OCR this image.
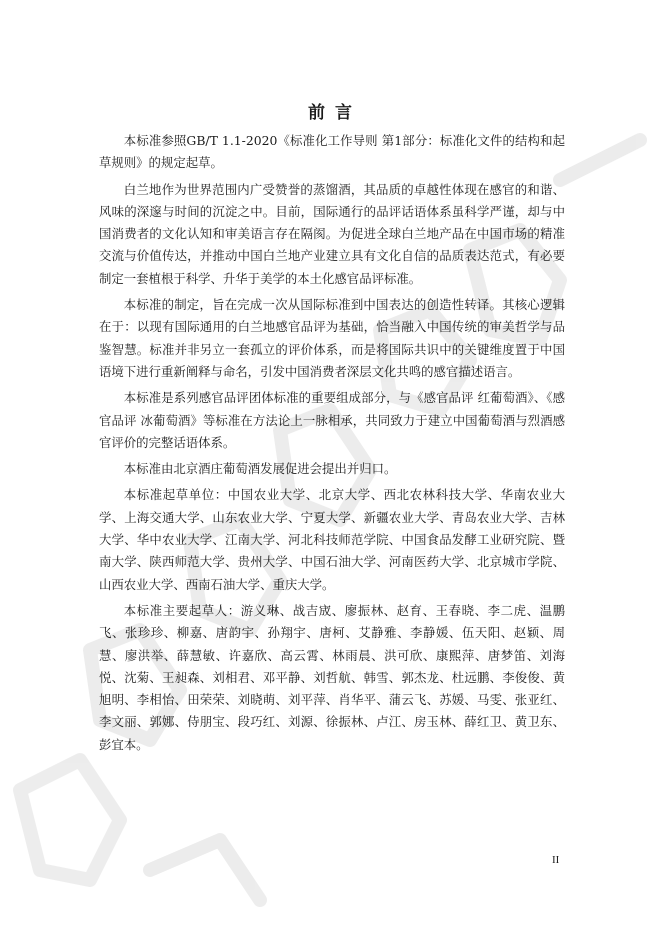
前 言

本标准参照GB/T 1.1-2020《标准化工作导则 第1部分：标准化文件的结构和起草规则》的规定起草。

白兰地作为世界范围内广受赞誉的蒸馏酒，其品质的卓越性体现在感官的和谐、风味的深邃与时间的沉淀之中。目前，国际通行的品评话语体系虽科学严谨，却与中国消费者的文化认知和审美语言存在隔阂。为促进全球白兰地产品在中国市场的精准交流与价值传达，并推动中国白兰地产业建立具有文化自信的品质表达范式，有必要制定一套植根于科学、升华于美学的本土化感官品评标准。

本标准的制定，旨在完成一次从国际标准到中国表达的创造性转译。其核心逻辑在于：以现有国际通用的白兰地感官品评为基础，恰当融入中国传统的审美哲学与品鉴智慧。标准并非另立一套孤立的评价体系，而是将国际共识中的关键维度置于中国语境下进行重新阐释与命名，引发中国消费者深层文化共鸣的感官描述语言。

本标准是系列感官品评团体标准的重要组成部分，与《感官品评 红葡萄酒》、《感官品评 冰葡萄酒》等标准在方法论上一脉相承，共同致力于建立中国葡萄酒与烈酒感官评价的完整话语体系。

本标准由北京酒庄葡萄酒发展促进会提出并归口。

本标准起草单位：中国农业大学、北京大学、西北农林科技大学、华南农业大学、上海交通大学、山东农业大学、宁夏大学、新疆农业大学、青岛农业大学、吉林大学、华中农业大学、江南大学、河北科技师范学院、中国食品发酵工业研究院、暨南大学、陕西师范大学、贵州大学、中国石油大学、河南医药大学、北京城市学院、山西农业大学、西南石油大学、重庆大学。

本标准主要起草人：游义琳、战吉宬、廖振林、赵育、王春晓、李二虎、温鹏飞、张珍珍、柳嘉、唐韵宇、孙翔宇、唐柯、艾静雅、李静媛、伍天阳、赵颖、周慧、廖洪举、薛慧敏、许嘉欣、高云霄、林雨晨、洪可欣、康熙萍、唐梦笛、刘海悦、沈菊、王昶森、刘相君、邓平静、刘哲航、韩雪、郭杰龙、杜远鹏、李俊俊、黄旭明、李相怡、田荣荣、刘晓萌、刘平萍、肖华平、蒲云飞、苏媛、马雯、张亚红、李文丽、郭娜、侍朋宝、段巧红、刘源、徐振林、卢江、房玉林、薛红卫、黄卫东、彭宜本。

II
